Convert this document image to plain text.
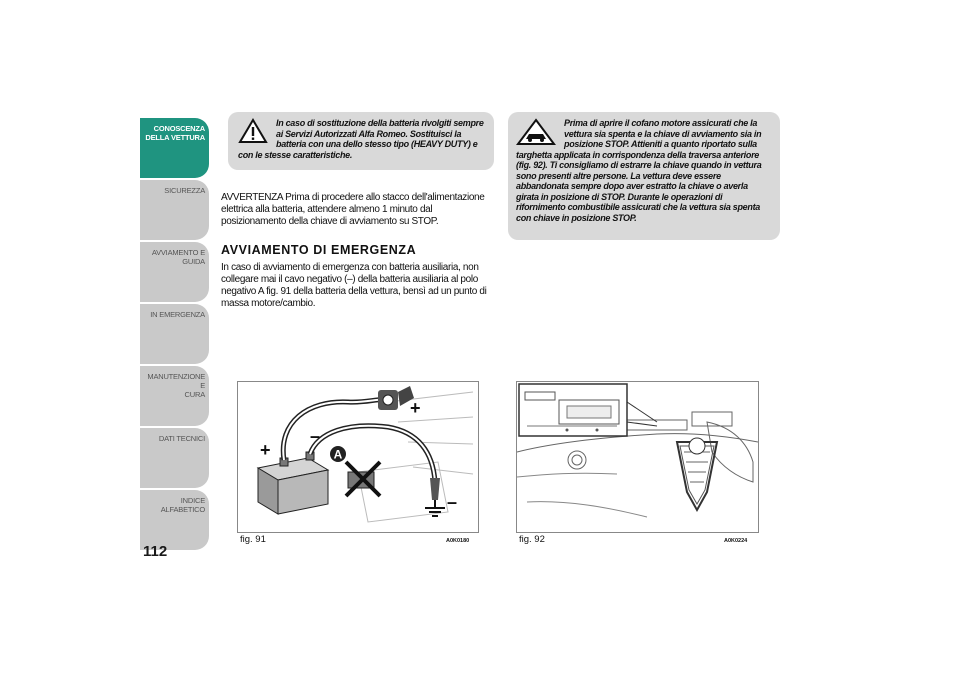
CONOSCENZA
DELLA VETTURA
SICUREZZA
AVVIAMENTO E
GUIDA
IN EMERGENZA
MANUTENZIONE E
CURA
DATI TECNICI
INDICE ALFABETICO
112
In caso di sostituzione della batteria rivolgiti sempre ai Servizi Autorizzati Alfa Romeo. Sostituisci la batteria con una dello stesso tipo (HEAVY DUTY) e con le stesse caratteristiche.
Prima di aprire il cofano motore assicurati che la vettura sia spenta e la chiave di avviamento sia in posizione STOP. Attieniti a quanto riportato sulla targhetta applicata in corrispondenza della traversa anteriore (fig. 92). Ti consigliamo di estrarre la chiave quando in vettura sono presenti altre persone. La vettura deve essere abbandonata sempre dopo aver estratto la chiave o averla girata in posizione di STOP. Durante le operazioni di rifornimento combustibile assicurati che la vettura sia spenta con chiave in posizione STOP.
AVVERTENZA Prima di procedere allo stacco dell'alimentazione elettrica alla batteria, attendere almeno 1 minuto dal posizionamento della chiave di avviamento su STOP.
AVVIAMENTO DI EMERGENZA
In caso di avviamento di emergenza con batteria ausiliaria, non collegare mai il cavo negativo (–) della batteria ausiliaria al polo negativo A fig. 91 della batteria della vettura, bensì ad un punto di massa motore/cambio.
A
+
–
+
–
fig. 91	A0K0180	fig. 92	A0K0224
